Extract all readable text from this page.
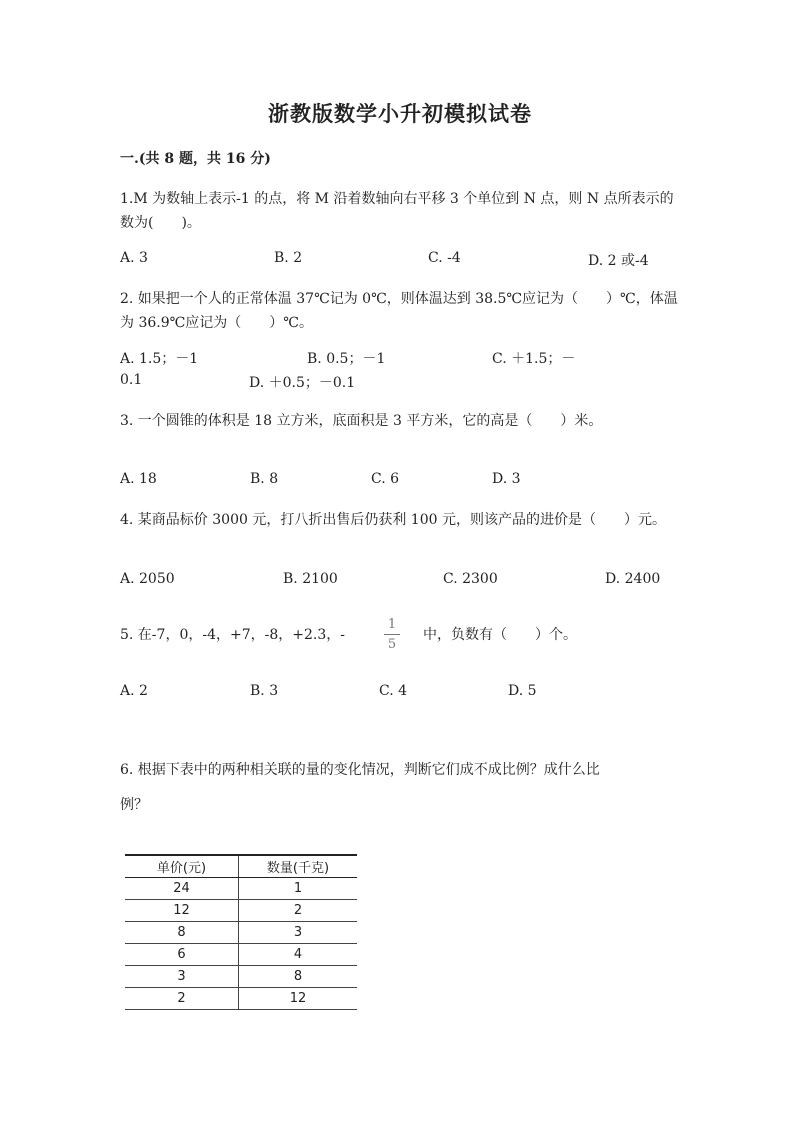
浙教版数学小升初模拟试卷
一.(共 8 题，共 16 分)
1.M 为数轴上表示-1 的点，将 M 沿着数轴向右平移 3 个单位到 N 点，则 N 点所表示的数为(　　)。
A. 3	B. 2	C. -4	D. 2 或-4
2. 如果把一个人的正常体温 37℃记为 0℃，则体温达到 38.5℃应记为（　　）℃，体温为 36.9℃应记为（　　）℃。
A. 1.5；－1	B. 0.5；－1	C. ＋1.5；－
0.1	D. ＋0.5；－0.1
3. 一个圆锥的体积是 18 立方米，底面积是 3 平方米，它的高是（　　）米。
A. 18	B. 8	C. 6	D. 3
4. 某商品标价 3000 元，打八折出售后仍获利 100 元，则该产品的进价是（　　）元。
A. 2050	B. 2100	C. 2300	D. 2400
5. 在-7，0，-4，+7，-8，+2.3，-
1
5
中，负数有（　　）个。
A. 2	B. 3	C. 4	D. 5
6. 根据下表中的两种相关联的量的变化情况，判断它们成不成比例？成什么比
例？
单价(元)	数量(千克)
24	1
12	2
8	3
6	4
3	8
2	12
